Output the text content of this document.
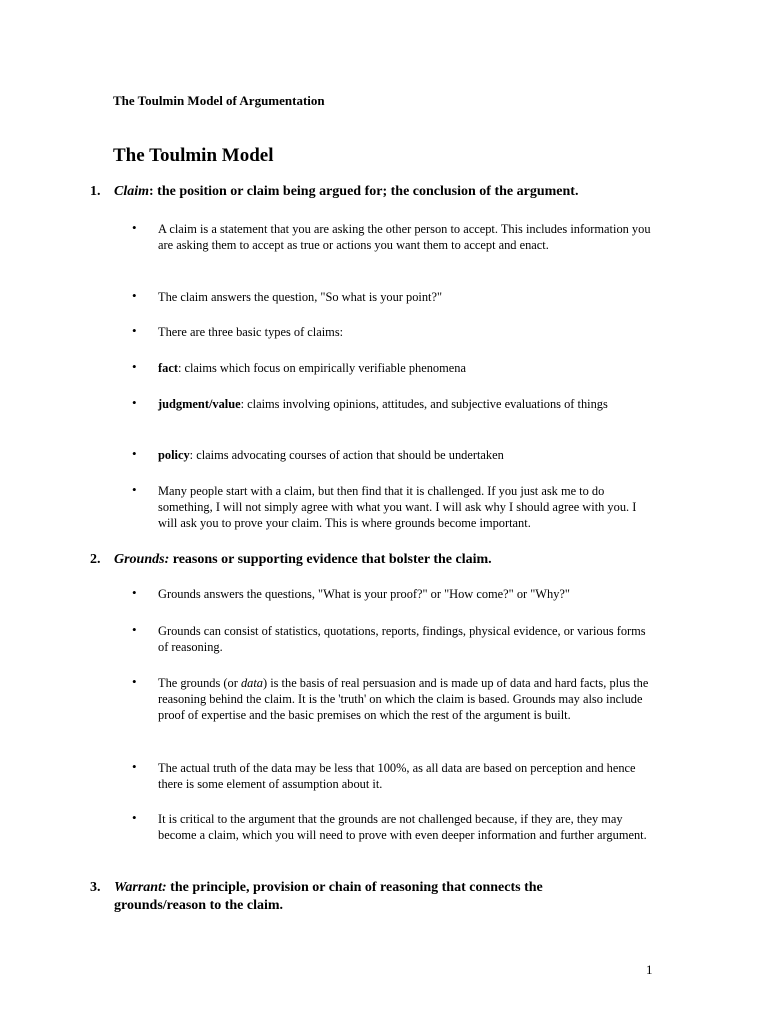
The Toulmin Model of Argumentation
The Toulmin Model
1. Claim: the position or claim being argued for; the conclusion of the argument.
• A claim is a statement that you are asking the other person to accept. This includes information you are asking them to accept as true or actions you want them to accept and enact.
• The claim answers the question, "So what is your point?"
• There are three basic types of claims:
• fact: claims which focus on empirically verifiable phenomena
• judgment/value: claims involving opinions, attitudes, and subjective evaluations of things
• policy: claims advocating courses of action that should be undertaken
• Many people start with a claim, but then find that it is challenged. If you just ask me to do something, I will not simply agree with what you want. I will ask why I should agree with you. I will ask you to prove your claim. This is where grounds become important.
2. Grounds: reasons or supporting evidence that bolster the claim.
• Grounds answers the questions, "What is your proof?" or "How come?" or "Why?"
• Grounds can consist of statistics, quotations, reports, findings, physical evidence, or various forms of reasoning.
• The grounds (or data) is the basis of real persuasion and is made up of data and hard facts, plus the reasoning behind the claim. It is the 'truth' on which the claim is based. Grounds may also include proof of expertise and the basic premises on which the rest of the argument is built.
• The actual truth of the data may be less that 100%, as all data are based on perception and hence there is some element of assumption about it.
• It is critical to the argument that the grounds are not challenged because, if they are, they may become a claim, which you will need to prove with even deeper information and further argument.
3. Warrant: the principle, provision or chain of reasoning that connects the grounds/reason to the claim.
1
